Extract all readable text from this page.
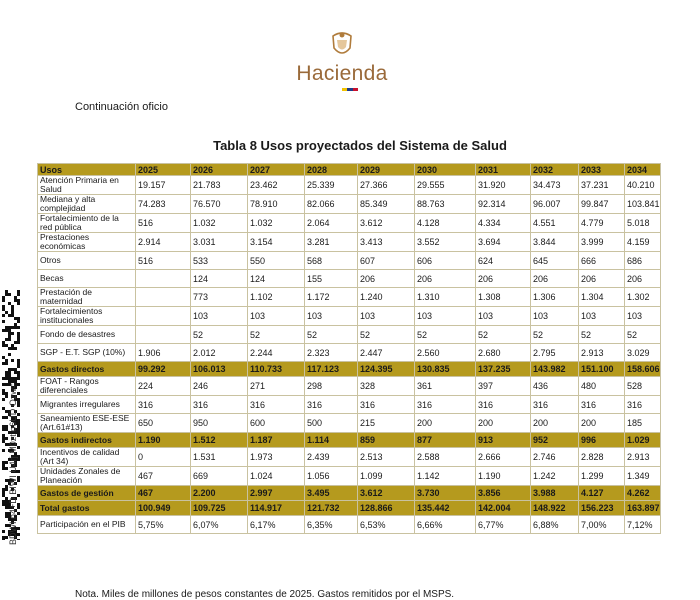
Hacienda
Continuación oficio
Tabla 8 Usos proyectados del Sistema de Salud
BDWI n4+D BIWI U4rj M0zt o6UD Ozw=
Usos	2025	2026	2027	2028	2029	2030	2031	2032	2033	2034
Atención Primaria en Salud	19.157	21.783	23.462	25.339	27.366	29.555	31.920	34.473	37.231	40.210
Mediana y alta complejidad	74.283	76.570	78.910	82.066	85.349	88.763	92.314	96.007	99.847	103.841
Fortalecimiento de la red pública	516	1.032	1.032	2.064	3.612	4.128	4.334	4.551	4.779	5.018
Prestaciones económicas	2.914	3.031	3.154	3.281	3.413	3.552	3.694	3.844	3.999	4.159
Otros	516	533	550	568	607	606	624	645	666	686
Becas		124	124	155	206	206	206	206	206	206
Prestación de maternidad		773	1.102	1.172	1.240	1.310	1.308	1.306	1.304	1.302
Fortalecimientos institucionales		103	103	103	103	103	103	103	103	103
Fondo de desastres		52	52	52	52	52	52	52	52	52
SGP - E.T. SGP (10%)	1.906	2.012	2.244	2.323	2.447	2.560	2.680	2.795	2.913	3.029
Gastos directos	99.292	106.013	110.733	117.123	124.395	130.835	137.235	143.982	151.100	158.606
FOAT - Rangos diferenciales	224	246	271	298	328	361	397	436	480	528
Migrantes irregulares	316	316	316	316	316	316	316	316	316	316
Saneamiento ESE-ESE (Art.61#13)	650	950	600	500	215	200	200	200	200	185
Gastos indirectos	1.190	1.512	1.187	1.114	859	877	913	952	996	1.029
Incentivos de calidad (Art 34)	0	1.531	1.973	2.439	2.513	2.588	2.666	2.746	2.828	2.913
Unidades Zonales de Planeación	467	669	1.024	1.056	1.099	1.142	1.190	1.242	1.299	1.349
Gastos de gestión	467	2.200	2.997	3.495	3.612	3.730	3.856	3.988	4.127	4.262
Total gastos	100.949	109.725	114.917	121.732	128.866	135.442	142.004	148.922	156.223	163.897
Participación en el PIB	5,75%	6,07%	6,17%	6,35%	6,53%	6,66%	6,77%	6,88%	7,00%	7,12%
Nota. Miles de millones de pesos constantes de 2025. Gastos remitidos por el MSPS.
